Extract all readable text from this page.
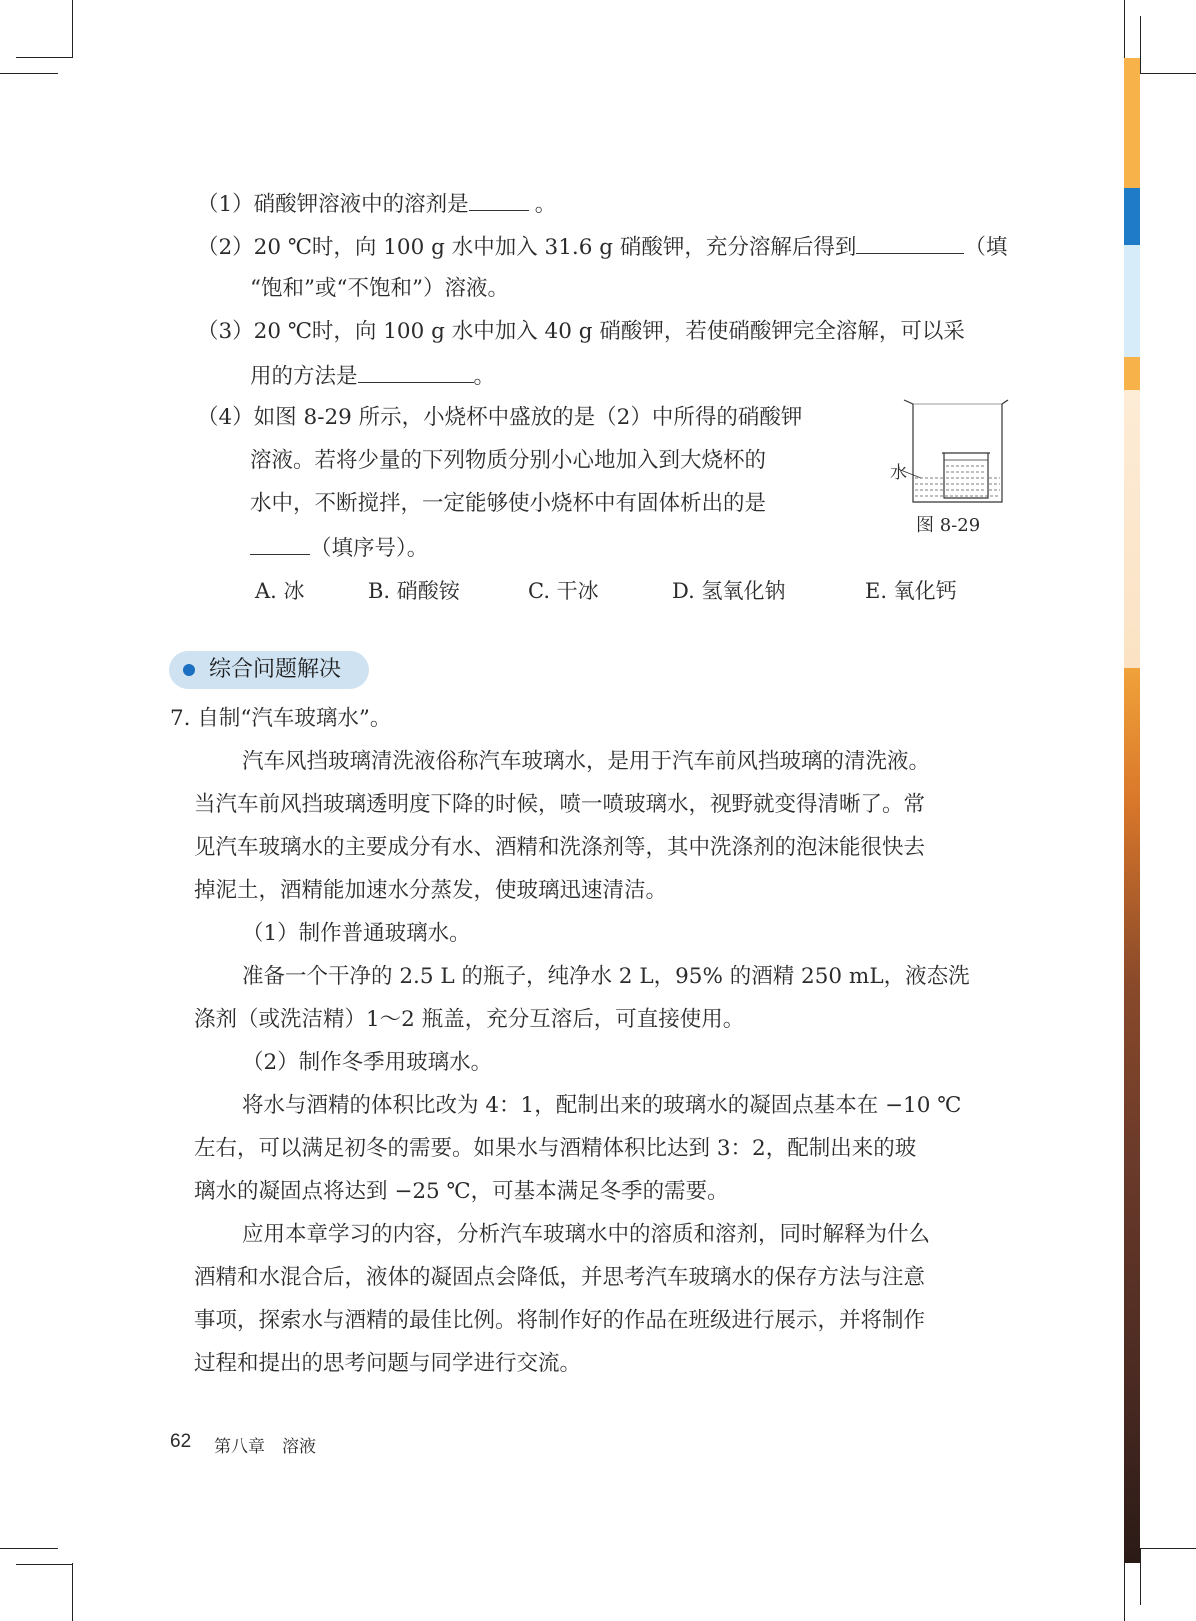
（1）硝酸钾溶液中的溶剂是	。
（2）20 ℃时，向 100 g 水中加入 31.6 g 硝酸钾，充分溶解后得到	（填
“饱和”或“不饱和”）溶液。
（3）20 ℃时，向 100 g 水中加入 40 g 硝酸钾，若使硝酸钾完全溶解，可以采
用的方法是	。
（4）如图 8-29 所示，小烧杯中盛放的是（2）中所得的硝酸钾
溶液。若将少量的下列物质分别小心地加入到大烧杯的
水中，不断搅拌，一定能够使小烧杯中有固体析出的是
（填序号）。
A. 冰	B. 硝酸铵	C. 干冰	D. 氢氧化钠	E. 氧化钙
水
图 8-29
综合问题解决
7. 自制“汽车玻璃水”。
汽车风挡玻璃清洗液俗称汽车玻璃水，是用于汽车前风挡玻璃的清洗液。
当汽车前风挡玻璃透明度下降的时候，喷一喷玻璃水，视野就变得清晰了。常
见汽车玻璃水的主要成分有水、酒精和洗涤剂等，其中洗涤剂的泡沫能很快去
掉泥土，酒精能加速水分蒸发，使玻璃迅速清洁。
（1）制作普通玻璃水。
准备一个干净的 2.5 L 的瓶子，纯净水 2 L，95% 的酒精 250 mL，液态洗
涤剂（或洗洁精）1～2 瓶盖，充分互溶后，可直接使用。
（2）制作冬季用玻璃水。
将水与酒精的体积比改为 4：1，配制出来的玻璃水的凝固点基本在 −10 ℃
左右，可以满足初冬的需要。如果水与酒精体积比达到 3：2，配制出来的玻
璃水的凝固点将达到 −25 ℃，可基本满足冬季的需要。
应用本章学习的内容，分析汽车玻璃水中的溶质和溶剂，同时解释为什么
酒精和水混合后，液体的凝固点会降低，并思考汽车玻璃水的保存方法与注意
事项，探索水与酒精的最佳比例。将制作好的作品在班级进行展示，并将制作
过程和提出的思考问题与同学进行交流。
62 第八章　溶液
